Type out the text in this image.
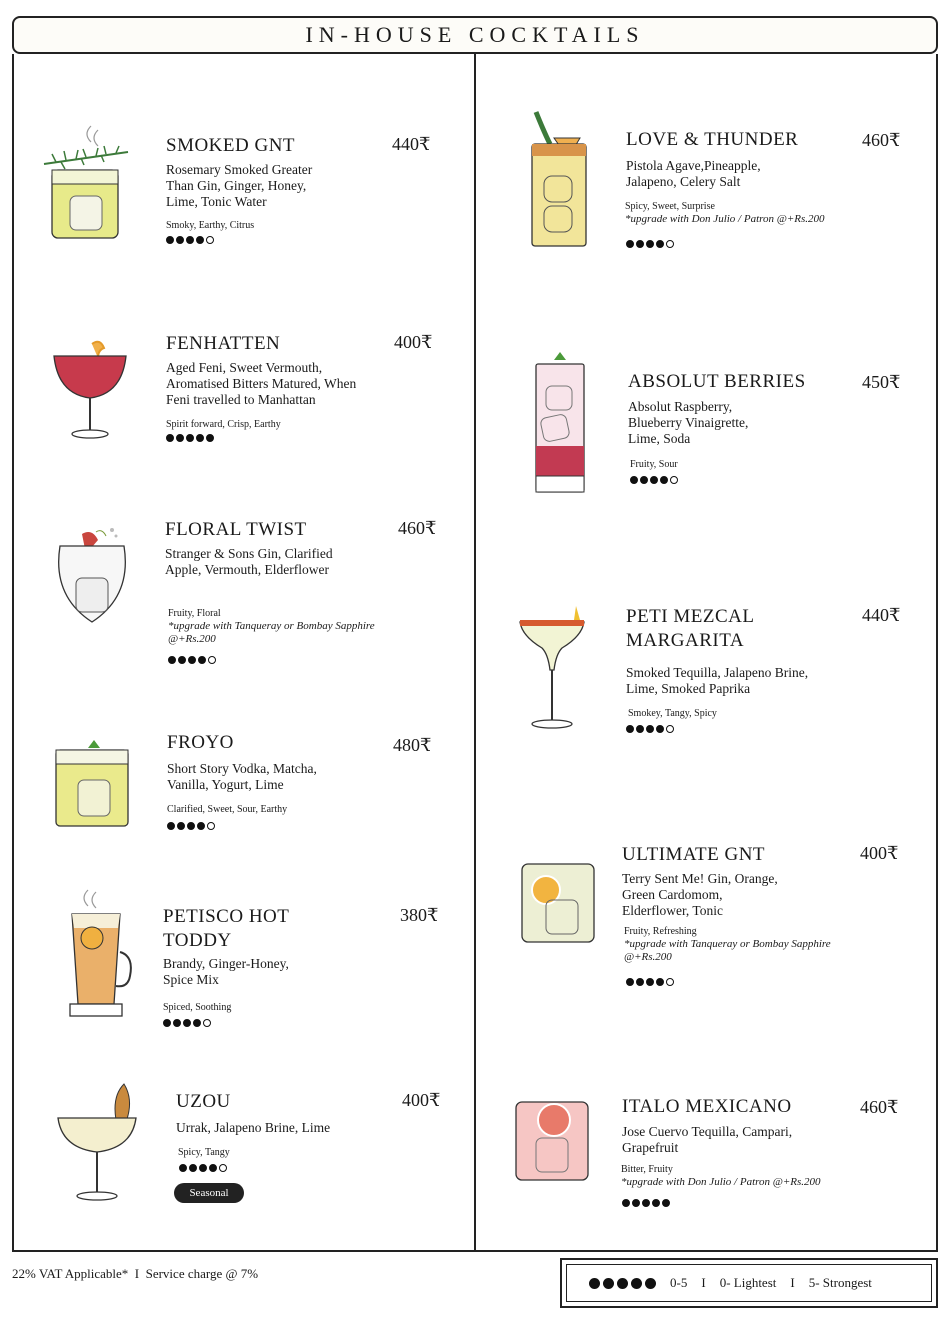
IN-HOUSE COCKTAILS
SMOKED GNT	440₹
Rosemary Smoked Greater Than Gin, Ginger, Honey, Lime, Tonic Water
Smoky, Earthy, Citrus
FENHATTEN	400₹
Aged Feni, Sweet Vermouth, Aromatised Bitters Matured, When Feni travelled to Manhattan
Spirit forward, Crisp, Earthy
FLORAL TWIST	460₹
Stranger & Sons Gin, Clarified Apple, Vermouth, Elderflower
Fruity, Floral
*upgrade with Tanqueray or Bombay Sapphire @+Rs.200
FROYO	480₹
Short Story Vodka, Matcha, Vanilla, Yogurt, Lime
Clarified, Sweet, Sour, Earthy
PETISCO HOT TODDY
380₹
Brandy, Ginger-Honey, Spice Mix
Spiced, Soothing
UZOU	400₹
Urrak, Jalapeno Brine, Lime
Spicy, Tangy
Seasonal
LOVE & THUNDER	460₹
Pistola Agave,Pineapple, Jalapeno, Celery Salt
Spicy, Sweet, Surprise
*upgrade with Don Julio / Patron @+Rs.200
ABSOLUT BERRIES	450₹
Absolut Raspberry, Blueberry Vinaigrette, Lime, Soda
Fruity, Sour
PETI MEZCAL MARGARITA
440₹
Smoked Tequilla, Jalapeno Brine, Lime, Smoked Paprika
Smokey, Tangy, Spicy
ULTIMATE GNT	400₹
Terry Sent Me! Gin, Orange, Green Cardomom, Elderflower, Tonic
Fruity, Refreshing
*upgrade with Tanqueray or Bombay Sapphire @+Rs.200
ITALO MEXICANO	460₹
Jose Cuervo Tequilla, Campari, Grapefruit
Bitter, Fruity
*upgrade with Don Julio / Patron @+Rs.200
22% VAT Applicable*  I  Service charge @ 7%
0-5 I 0- Lightest I 5- Strongest
